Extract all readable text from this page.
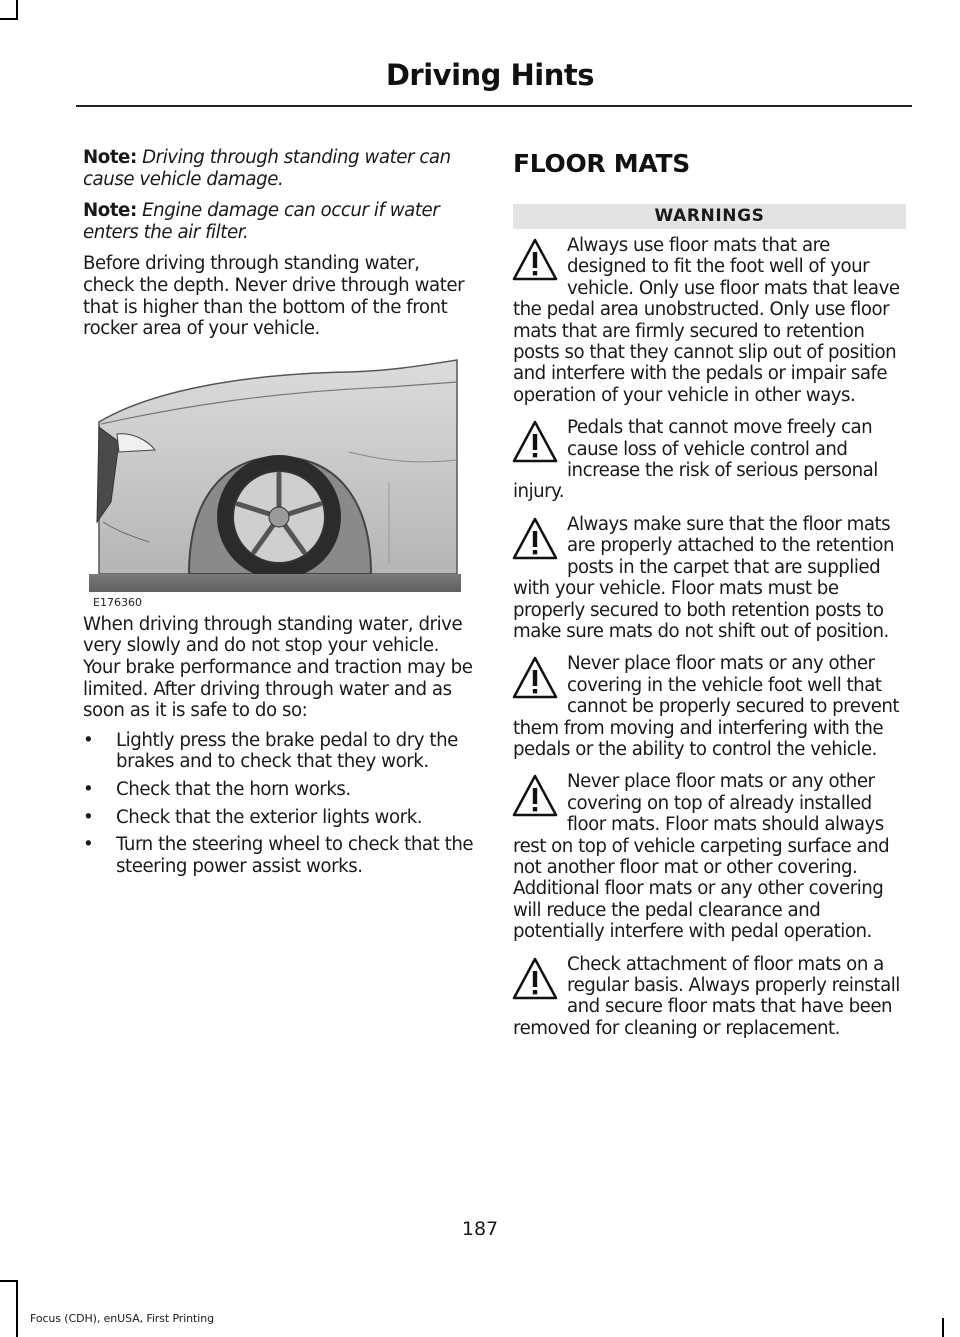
Driving Hints

Note: Driving through standing water can cause vehicle damage.

Note: Engine damage can occur if water enters the air filter.

Before driving through standing water, check the depth. Never drive through water that is higher than the bottom of the front rocker area of your vehicle.

E176360

When driving through standing water, drive very slowly and do not stop your vehicle. Your brake performance and traction may be limited. After driving through water and as soon as it is safe to do so:

• Lightly press the brake pedal to dry the brakes and to check that they work.
• Check that the horn works.
• Check that the exterior lights work.
• Turn the steering wheel to check that the steering power assist works.
FLOOR MATS
WARNINGS
Always use floor mats that are designed to fit the foot well of your vehicle. Only use floor mats that leave the pedal area unobstructed. Only use floor mats that are firmly secured to retention posts so that they cannot slip out of position and interfere with the pedals or impair safe operation of your vehicle in other ways.
Pedals that cannot move freely can cause loss of vehicle control and increase the risk of serious personal injury.
Always make sure that the floor mats are properly attached to the retention posts in the carpet that are supplied with your vehicle. Floor mats must be properly secured to both retention posts to make sure mats do not shift out of position.
Never place floor mats or any other covering in the vehicle foot well that cannot be properly secured to prevent them from moving and interfering with the pedals or the ability to control the vehicle.
Never place floor mats or any other covering on top of already installed floor mats. Floor mats should always rest on top of vehicle carpeting surface and not another floor mat or other covering. Additional floor mats or any other covering will reduce the pedal clearance and potentially interfere with pedal operation.
Check attachment of floor mats on a regular basis. Always properly reinstall and secure floor mats that have been removed for cleaning or replacement.
187
Focus (CDH), enUSA, First Printing
